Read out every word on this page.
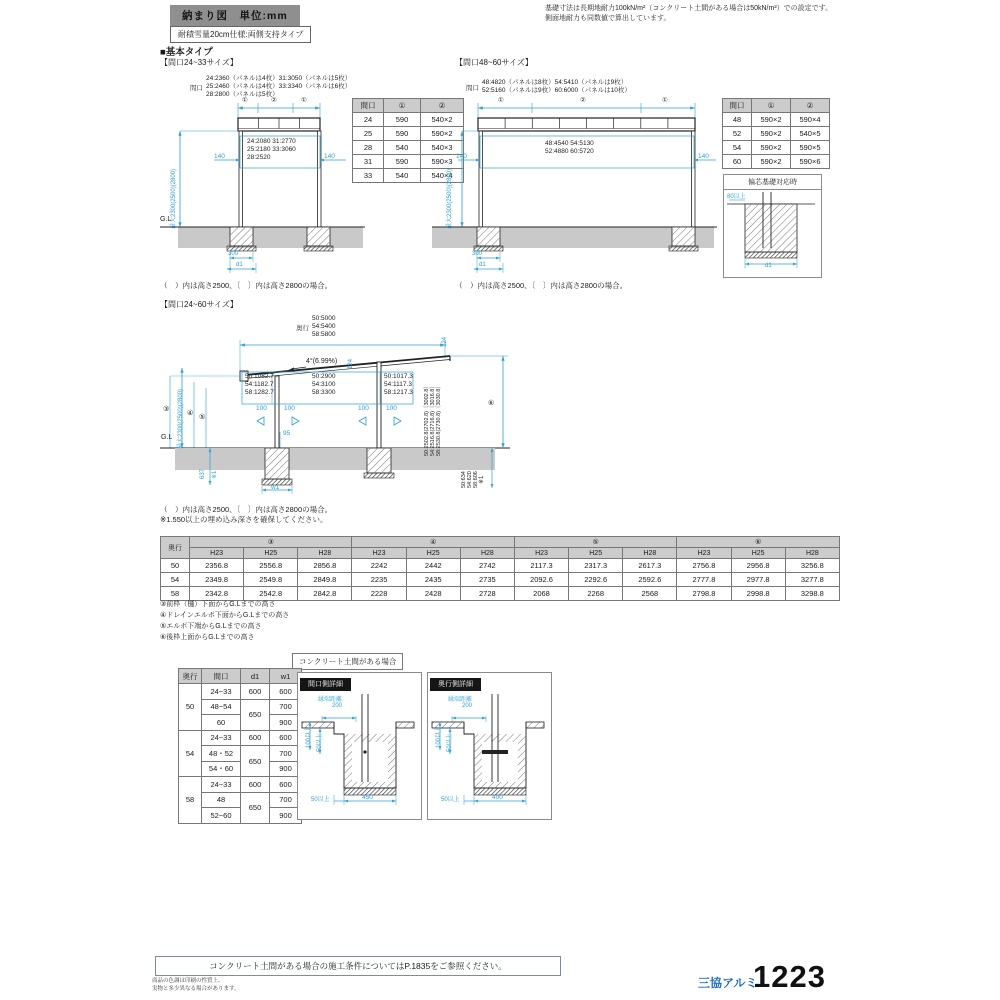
納まり図　単位:mm
基礎寸法は長期地耐力100kN/m²（コンクリート土間がある場合は50kN/m²）での設定です。
側面地耐力も同数値で算出しています。
耐積雪量20cm仕様:両側支持タイプ
■基本タイプ
【間口24~33サイズ】
間口
24:2360（パネルは4枚）31:3050（パネルは5枚）
25:2460（パネルは4枚）33:3340（パネルは6枚）
28:2800（パネルは5枚）
①	②	①
24:2080 31:2770
25:2180 33:3060
28:2520
140	140
最大2300(2500)(2800)
G.L
300
d1
（　）内は高さ2500、〔　〕内は高さ2800の場合。
間口	①	②
24	590	540×2
25	590	590×2
28	540	540×3
31	590	590×3
33	540	540×4
【間口48~60サイズ】
間口
48:4820（パネルは8枚）54:5410（パネルは9枚）
52:5160（パネルは9枚）60:6000（パネルは10枚）
①	②	①
48:4540 54:5130
52:4880 60:5720
140	140
最大2300(2500)(2800)
300
d1
（　）内は高さ2500、〔　〕内は高さ2800の場合。
間口	①	②
48	590×2	590×4
52	590×2	540×5
54	590×2	590×5
60	590×2	590×6
偏芯基礎対応時
80以上
d1
【間口24~60サイズ】
奥行
50:5000
54:5400
58:5800
124
124
4°(6.99%)
50:1082.7
54:1182.7
58:1282.7
50:2900
54:3100
58:3300
50:1017.3
54:1117.3
58:1217.3
③	最大2300(2500)(2800) ④
⑤
100	100	100	100
95
G.L
637 ※1
w1
50:2502.8(2702.8)〔3002.8〕 54:2516.8(2716.8)〔3016.8〕 58:2530.8(2730.8)〔3030.8〕	⑥
50:634 54:620 58:606 ※1
（　）内は高さ2500、〔　〕内は高さ2800の場合。
※1.550以上の埋め込み深さを確保してください。
奥行	③			④			⑤			⑥		
	H23	H25	H28	H23	H25	H28	H23	H25	H28	H23	H25	H28
50	2356.8	2556.8	2856.8	2242	2442	2742	2117.3	2317.3	2617.3	2756.8	2956.8	3256.8
54	2349.8	2549.8	2849.8	2235	2435	2735	2092.6	2292.6	2592.6	2777.8	2977.8	3277.8
58	2342.8	2542.8	2842.8	2228	2428	2728	2068	2268	2568	2798.8	2998.8	3298.8
③前枠（樋）下面からG.Lまでの高さ
④ドレインエルボ下面からG.Lまでの高さ
⑤エルボ下端からG.Lまでの高さ
⑥後枠上面からG.Lまでの高さ
コンクリート土間がある場合
奥行	間口	d1	w1
50	24~33	600	600
	48~54	650	700
	60		900
54	24~33	600	600
	48・52	650	700
	54・60		900
58	24~33	600	600
	48	650	700
	52~60		900
間口側詳細
縁端距離
200
100以上 50以上
50以上	450
奥行側詳細
縁端距離
200
100以上 50以上
50以上	400
コンクリート土間がある場合の施工条件についてはP.1835をご参照ください。
商品の色調は印刷の性質上、
実物と多少異なる場合があります。	三協アルミ
1223
